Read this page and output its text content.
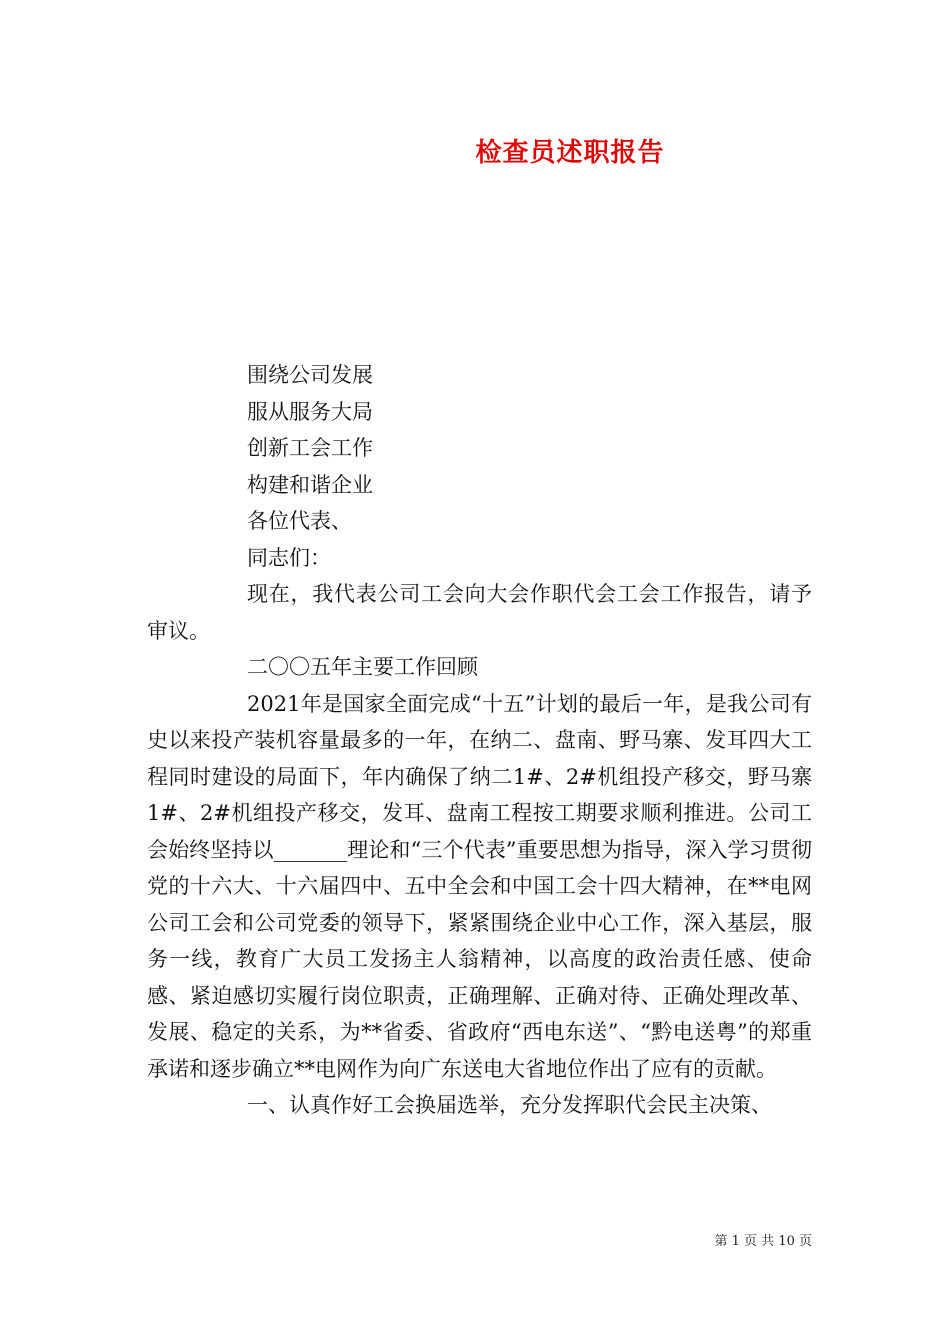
检查员述职报告

围绕公司发展

服从服务大局

创新工会工作

构建和谐企业

各位代表、

同志们：

现在，我代表公司工会向大会作职代会工会工作报告，请予审议。

二〇〇五年主要工作回顾

2021年是国家全面完成“十五”计划的最后一年，是我公司有史以来投产装机容量最多的一年，在纳二、盘南、野马寨、发耳四大工程同时建设的局面下，年内确保了纳二1#、2#机组投产移交，野马寨1#、2#机组投产移交，发耳、盘南工程按工期要求顺利推进。公司工会始终坚持以_______理论和“三个代表”重要思想为指导，深入学习贯彻党的十六大、十六届四中、五中全会和中国工会十四大精神，在**电网公司工会和公司党委的领导下，紧紧围绕企业中心工作，深入基层，服务一线，教育广大员工发扬主人翁精神，以高度的政治责任感、使命感、紧迫感切实履行岗位职责，正确理解、正确对待、正确处理改革、发展、稳定的关系，为**省委、省政府“西电东送”、“黔电送粤”的郑重承诺和逐步确立**电网作为向广东送电大省地位作出了应有的贡献。

一、认真作好工会换届选举，充分发挥职代会民主决策、

第 1 页 共 10 页
